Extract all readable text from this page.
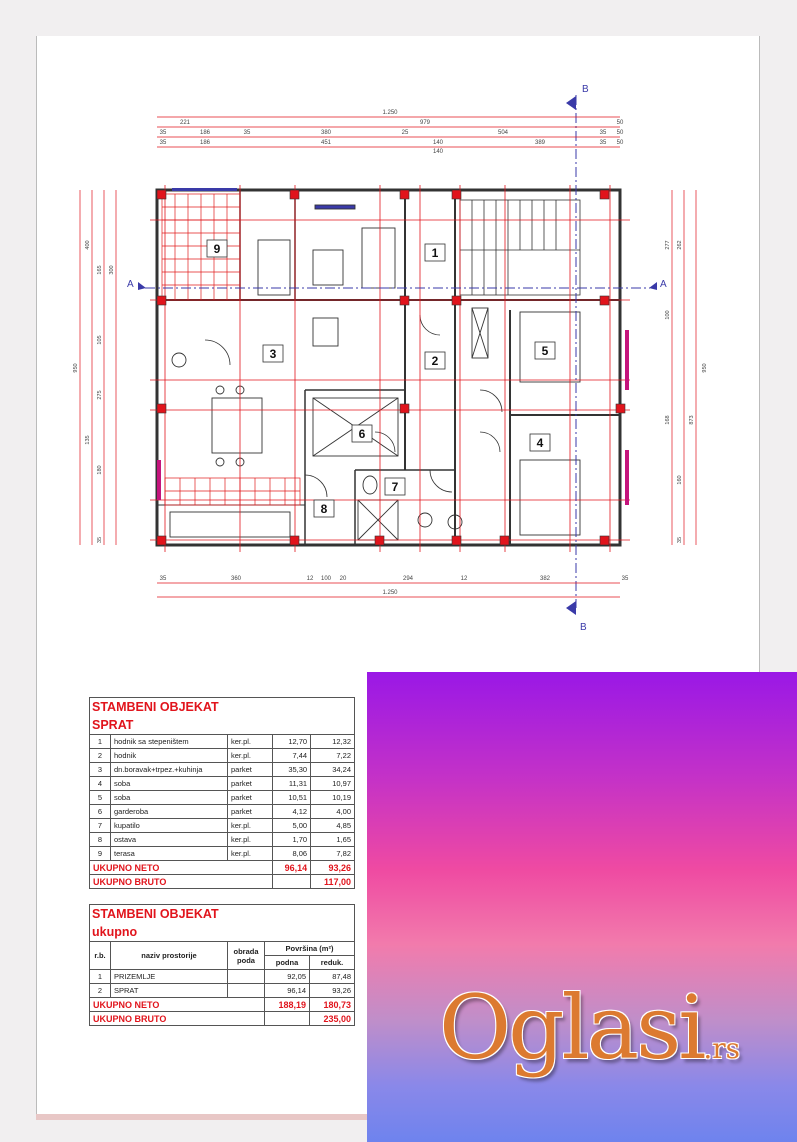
B
B
A	A
221	979	50
1.250
35	186	35	380	25	504	35 50
35	186	451	140	389	35 50
140
35	360	12 100 20	294	12	382	35
1.250
950
400
165 300
105
275
180
135
35
950
277 262
100
168	873
160
35
1
2
3
4
5
6
7
8
9
STAMBENI OBJEKAT				
SPRAT				
1	hodnik sa stepeništem	ker.pl.	12,70	12,32
2	hodnik	ker.pl.	7,44	7,22
3	dn.boravak+trpez.+kuhinja	parket	35,30	34,24
4	soba	parket	11,31	10,97
5	soba	parket	10,51	10,19
6	garderoba	parket	4,12	4,00
7	kupatilo	ker.pl.	5,00	4,85
8	ostava	ker.pl.	1,70	1,65
9	terasa	ker.pl.	8,06	7,82
UKUPNO NETO			96,14	93,26
UKUPNO BRUTO				117,00
STAMBENI OBJEKAT				
ukupno				
r.b.	naziv prostorije	obrada poda	Površina (m²)	
			podna	reduk.
1	PRIZEMLJE		92,05	87,48
2	SPRAT		96,14	93,26
UKUPNO NETO			188,19	180,73
UKUPNO BRUTO				235,00 Oglasi.rs
